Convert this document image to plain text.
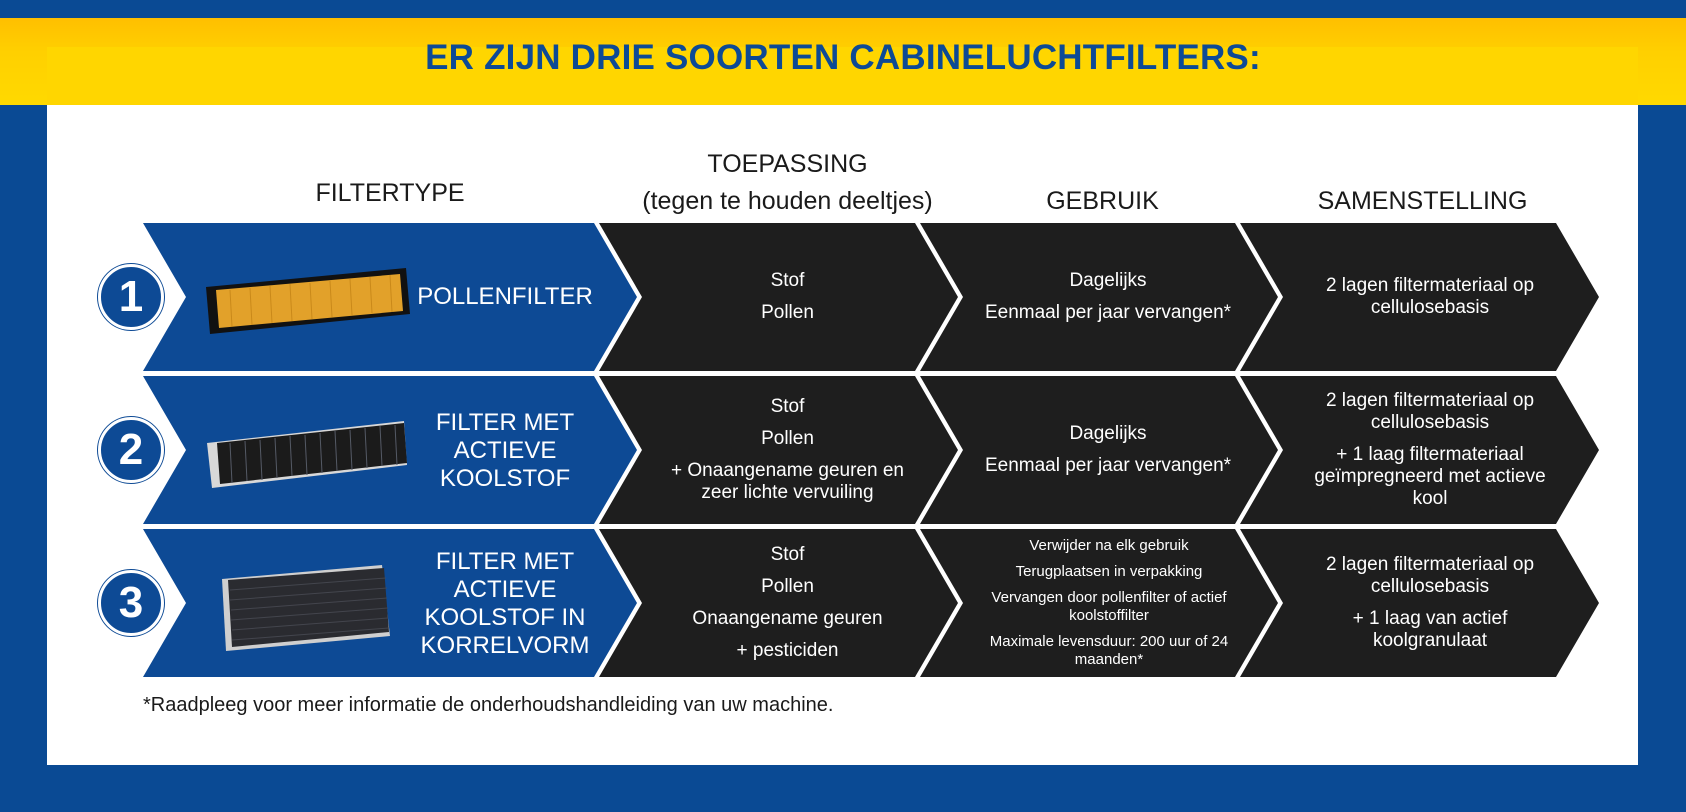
ER ZIJN DRIE SOORTEN CABINELUCHTFILTERS:
FILTERTYPE
TOEPASSING
(tegen te houden deeltjes)	GEBRUIK	SAMENSTELLING
1
2
3
POLLENFILTER
FILTER MET
ACTIEVE
KOOLSTOF
FILTER MET
ACTIEVE
KOOLSTOF IN
KORRELVORM
Stof
Pollen
Dagelijks
Eenmaal per jaar vervangen*
2 lagen filtermateriaal op cellulosebasis
Stof
Pollen
+ Onaangename geuren en zeer lichte vervuiling
Dagelijks
Eenmaal per jaar vervangen*
2 lagen filtermateriaal op cellulosebasis
+ 1 laag filtermateriaal geïmpregneerd met actieve kool
Stof
Pollen
Onaangename geuren
+ pesticiden
Verwijder na elk gebruik
Terugplaatsen in verpakking
Vervangen door pollenfilter of actief koolstoffilter
Maximale levensduur: 200 uur of 24 maanden*
2 lagen filtermateriaal op cellulosebasis
+ 1 laag van actief koolgranulaat
*Raadpleeg voor meer informatie de onderhoudshandleiding van uw machine.
